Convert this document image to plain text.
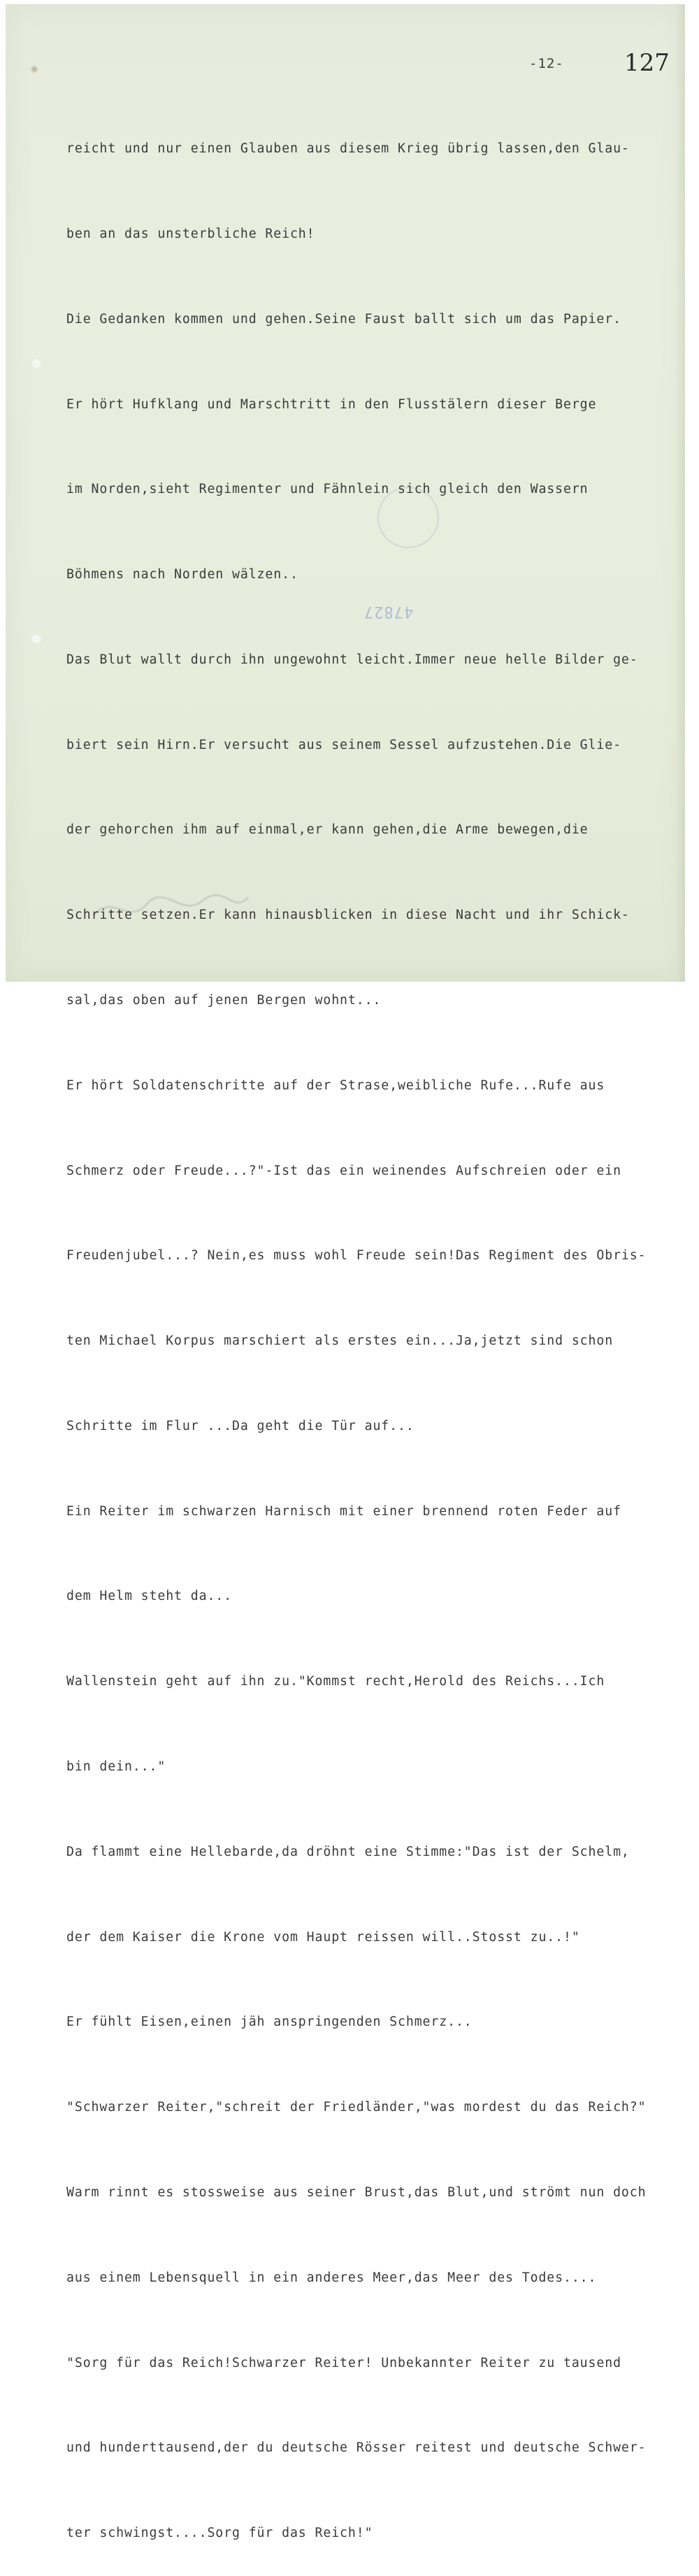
-12-	127
47827

reicht und nur einen Glauben aus diesem Krieg übrig lassen,den Glau-

ben an das unsterbliche Reich!

Die Gedanken kommen und gehen.Seine Faust ballt sich um das Papier.

Er hört Hufklang und Marschtritt in den Flusstälern dieser Berge

im Norden,sieht Regimenter und Fähnlein sich gleich den Wassern

Böhmens nach Norden wälzen..

Das Blut wallt durch ihn ungewohnt leicht.Immer neue helle Bilder ge-

biert sein Hirn.Er versucht aus seinem Sessel aufzustehen.Die Glie-

der gehorchen ihm auf einmal,er kann gehen,die Arme bewegen,die

Schritte setzen.Er kann hinausblicken in diese Nacht und ihr Schick-

sal,das oben auf jenen Bergen wohnt...

Er hört Soldatenschritte auf der Strase,weibliche Rufe...Rufe aus

Schmerz oder Freude...?"-Ist das ein weinendes Aufschreien oder ein

Freudenjubel...? Nein,es muss wohl Freude sein!Das Regiment des Obris-

ten Michael Korpus marschiert als erstes ein...Ja,jetzt sind schon

Schritte im Flur ...Da geht die Tür auf...

Ein Reiter im schwarzen Harnisch mit einer brennend roten Feder auf

dem Helm steht da...

Wallenstein geht auf ihn zu."Kommst recht,Herold des Reichs...Ich

bin dein..."

Da flammt eine Hellebarde,da dröhnt eine Stimme:"Das ist der Schelm,

der dem Kaiser die Krone vom Haupt reissen will..Stosst zu..!"

Er fühlt Eisen,einen jäh anspringenden Schmerz...

"Schwarzer Reiter,"schreit der Friedländer,"was mordest du das Reich?"

Warm rinnt es stossweise aus seiner Brust,das Blut,und strömt nun doch

aus einem Lebensquell in ein anderes Meer,das Meer des Todes....

"Sorg für das Reich!Schwarzer Reiter! Unbekannter Reiter zu tausend

und hunderttausend,der du deutsche Rösser reitest und deutsche Schwer-

ter schwingst....Sorg für das Reich!"
